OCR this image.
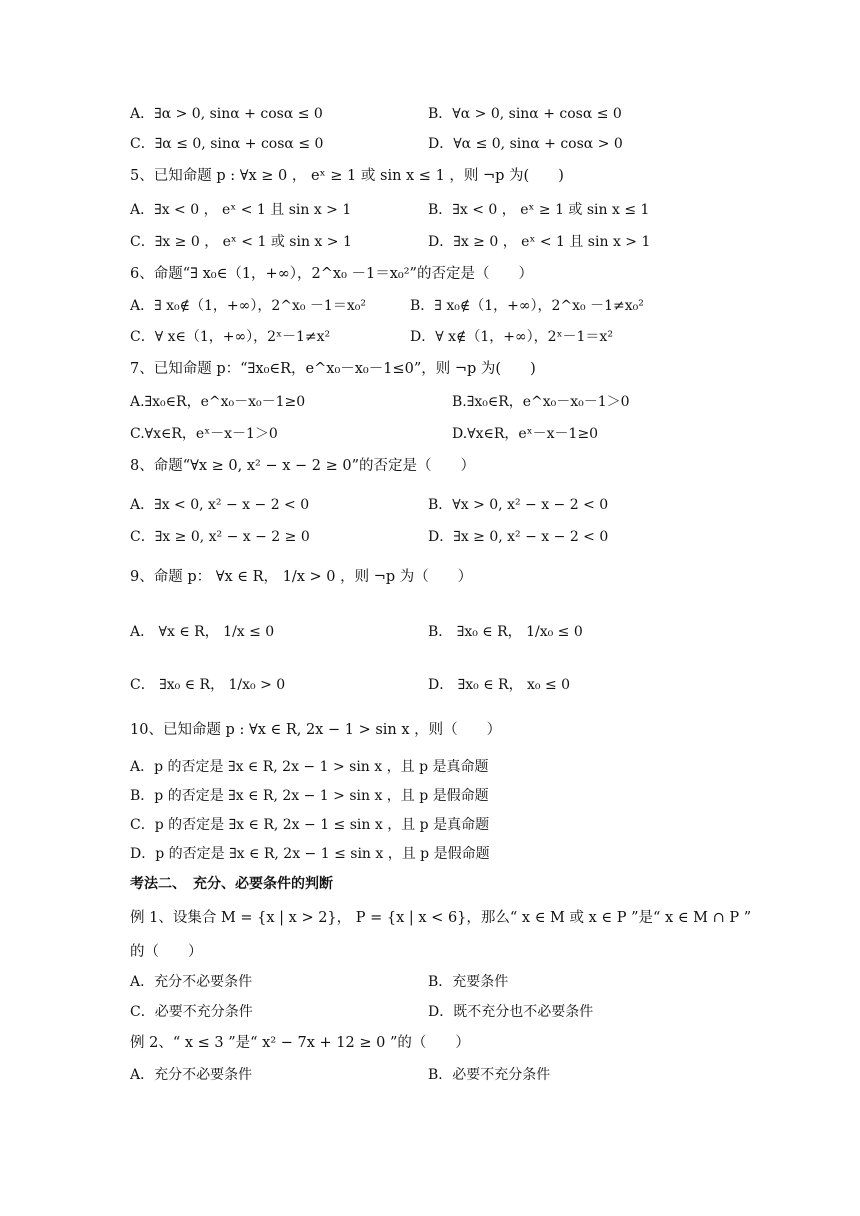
A．∃α > 0, sinα + cosα ≤ 0	B．∀α > 0, sinα + cosα ≤ 0
C．∃α ≤ 0, sinα + cosα ≤ 0	D．∀α ≤ 0, sinα + cosα > 0
5、已知命题 p : ∀x ≥ 0 ， eˣ ≥ 1 或 sin x ≤ 1 ，则 ¬p 为(　　)
A．∃x < 0 ， eˣ < 1 且 sin x > 1	B．∃x < 0 ， eˣ ≥ 1 或 sin x ≤ 1
C．∃x ≥ 0 ， eˣ < 1 或 sin x > 1	D．∃x ≥ 0 ， eˣ < 1 且 sin x > 1
6、命题“∃ x₀∈（1，+∞），2^x₀ －1＝x₀²”的否定是（　　）
A．∃ x₀∉（1，+∞），2^x₀ －1＝x₀²	B．∃ x₀∉（1，+∞），2^x₀ －1≠x₀²
C．∀ x∈（1，+∞），2ˣ－1≠x²	D．∀ x∉（1，+∞），2ˣ－1＝x²
7、已知命题 p：“∃x₀∈R，e^x₀－x₀－1≤0”，则 ¬p 为(　　)
A.∃x₀∈R，e^x₀－x₀－1≥0	B.∃x₀∈R，e^x₀－x₀－1＞0
C.∀x∈R，eˣ－x－1＞0	D.∀x∈R，eˣ－x－1≥0
8、命题“∀x ≥ 0, x² − x − 2 ≥ 0”的否定是（　　）
A．∃x < 0, x² − x − 2 < 0	B．∀x > 0, x² − x − 2 < 0
C．∃x ≥ 0, x² − x − 2 ≥ 0	D．∃x ≥ 0, x² − x − 2 < 0
9、命题 p： ∀x ∈ R， 1/x > 0 ，则 ¬p 为（　　）
A． ∀x ∈ R， 1/x ≤ 0	B． ∃x₀ ∈ R， 1/x₀ ≤ 0
C． ∃x₀ ∈ R， 1/x₀ > 0	D． ∃x₀ ∈ R， x₀ ≤ 0
10、已知命题 p : ∀x ∈ R, 2x − 1 > sin x ，则（　　）
A．p 的否定是 ∃x ∈ R, 2x − 1 > sin x ，且 p 是真命题
B．p 的否定是 ∃x ∈ R, 2x − 1 > sin x ，且 p 是假命题
C．p 的否定是 ∃x ∈ R, 2x − 1 ≤ sin x ，且 p 是真命题
D．p 的否定是 ∃x ∈ R, 2x − 1 ≤ sin x ，且 p 是假命题
考法二、　充分、必要条件的判断
例 1、设集合 M = {x | x > 2}， P = {x | x < 6}，那么“ x ∈ M 或 x ∈ P ”是“ x ∈ M ∩ P ”
的（　　）
A．充分不必要条件	B．充要条件
C．必要不充分条件	D．既不充分也不必要条件
例 2、“ x ≤ 3 ”是“ x² − 7x + 12 ≥ 0 ”的（　　）
A．充分不必要条件	B．必要不充分条件
